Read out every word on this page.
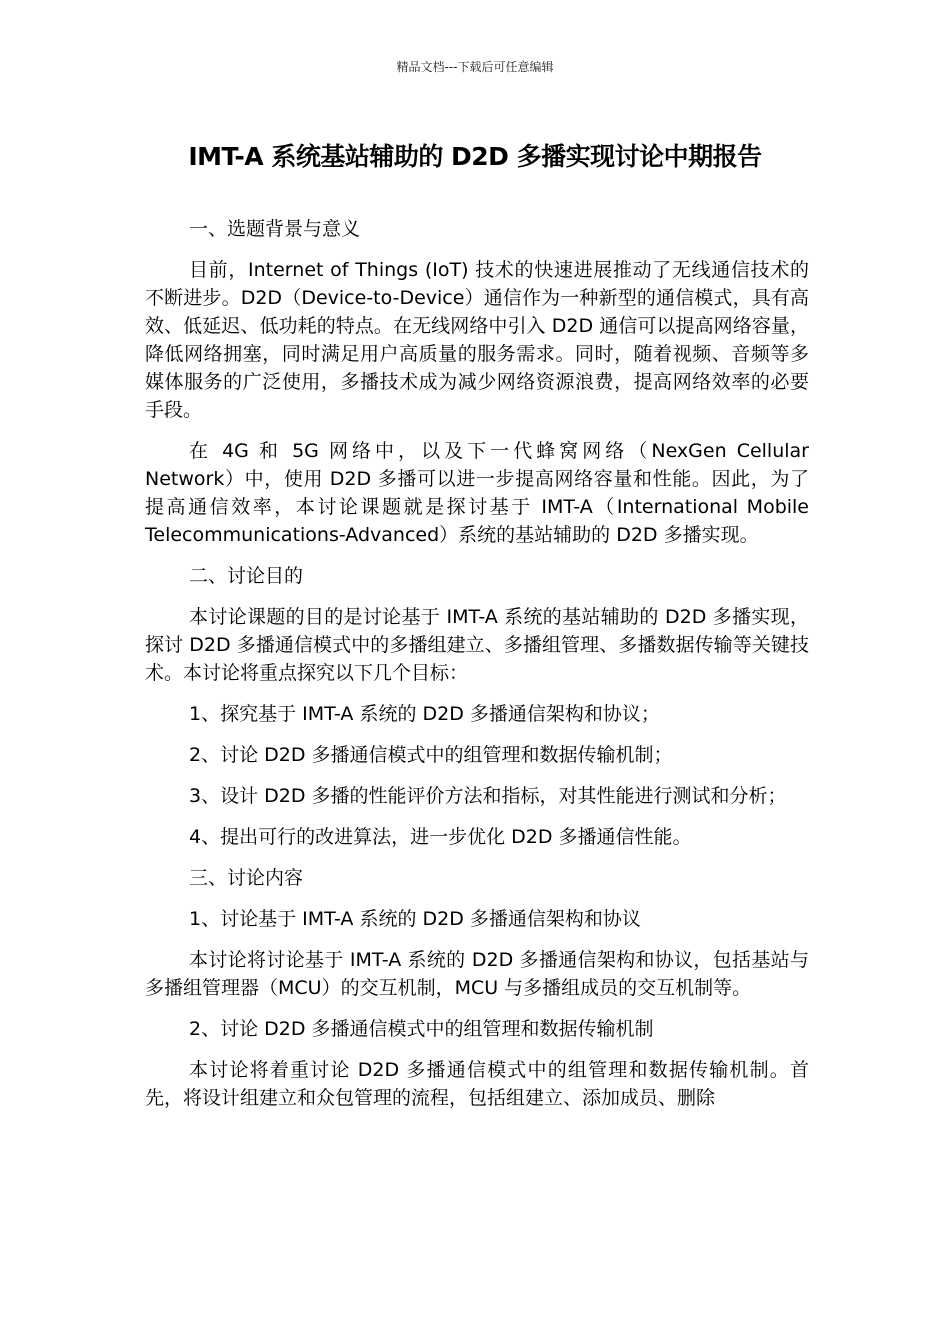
精品文档---下载后可任意编辑
IMT-A 系统基站辅助的 D2D 多播实现讨论中期报告

一、选题背景与意义

目前，Internet of Things (IoT) 技术的快速进展推动了无线通信技术的不断进步。D2D（Device-to-Device）通信作为一种新型的通信模式，具有高效、低延迟、低功耗的特点。在无线网络中引入 D2D 通信可以提高网络容量，降低网络拥塞，同时满足用户高质量的服务需求。同时，随着视频、音频等多媒体服务的广泛使用，多播技术成为减少网络资源浪费，提高网络效率的必要手段。

在 4G 和 5G 网络中，以及下一代蜂窝网络（NexGen Cellular Network）中，使用 D2D 多播可以进一步提高网络容量和性能。因此，为了提高通信效率，本讨论课题就是探讨基于 IMT-A（International Mobile Telecommunications-Advanced）系统的基站辅助的 D2D 多播实现。

二、讨论目的

本讨论课题的目的是讨论基于 IMT-A 系统的基站辅助的 D2D 多播实现，探讨 D2D 多播通信模式中的多播组建立、多播组管理、多播数据传输等关键技术。本讨论将重点探究以下几个目标：

1、探究基于 IMT-A 系统的 D2D 多播通信架构和协议；

2、讨论 D2D 多播通信模式中的组管理和数据传输机制；

3、设计 D2D 多播的性能评价方法和指标，对其性能进行测试和分析；

4、提出可行的改进算法，进一步优化 D2D 多播通信性能。

三、讨论内容

1、讨论基于 IMT-A 系统的 D2D 多播通信架构和协议

本讨论将讨论基于 IMT-A 系统的 D2D 多播通信架构和协议，包括基站与多播组管理器（MCU）的交互机制，MCU 与多播组成员的交互机制等。

2、讨论 D2D 多播通信模式中的组管理和数据传输机制

本讨论将着重讨论 D2D 多播通信模式中的组管理和数据传输机制。首先，将设计组建立和众包管理的流程，包括组建立、添加成员、删除
